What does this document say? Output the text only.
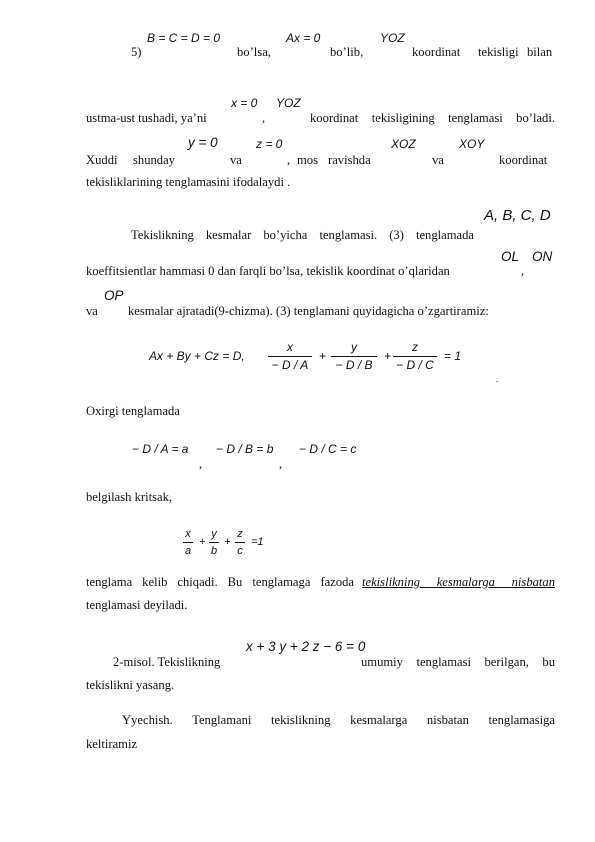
B = C = D = 0	Ax = 0	YOZ
5)	bo’lsa,	bo’lib,	koordinat tekisligi bilan
x = 0 YOZ
ustma-ust tushadi, ya’ni	,	koordinat tekisligining tenglamasi bo’ladi.
y = 0	z = 0	XOZ	XOY
Xuddi shunday	va	, mos ravishda	va	koordinat
tekisliklarining tenglamasini ifodalaydi .
A, B, C, D
Tekislikning kesmalar bo’yicha tenglamasi. (3) tenglamada
OL ON
koeffitsientlar hammasi 0 dan farqli bo’lsa, tekislik koordinat o’qlaridan	,
OP
va kesmalar ajratadi(9-chizma). (3) tenglamani quyidagicha o’zgartiramiz:
Ax + By + Cz = D,
x
− D / A
+
y
− D / B
+
z
− D / C
= 1
.
Oxirgi tenglamada
− D / A = a − D / B = b − D / C = c
,	,
belgilash kritsak,
x
a
+
y
b
+
z
c
=1
tenglama kelib chiqadi. Bu tenglamaga fazoda tekislikning kesmalarga nisbatan
tenglamasi deyiladi.
x + 3 y + 2 z − 6 = 0
2-misol. Tekislikning	umumiy tenglamasi berilgan, bu
tekislikni yasang.
Yyechish. Tenglamani tekislikning kesmalarga nisbatan tenglamasiga
keltiramiz
